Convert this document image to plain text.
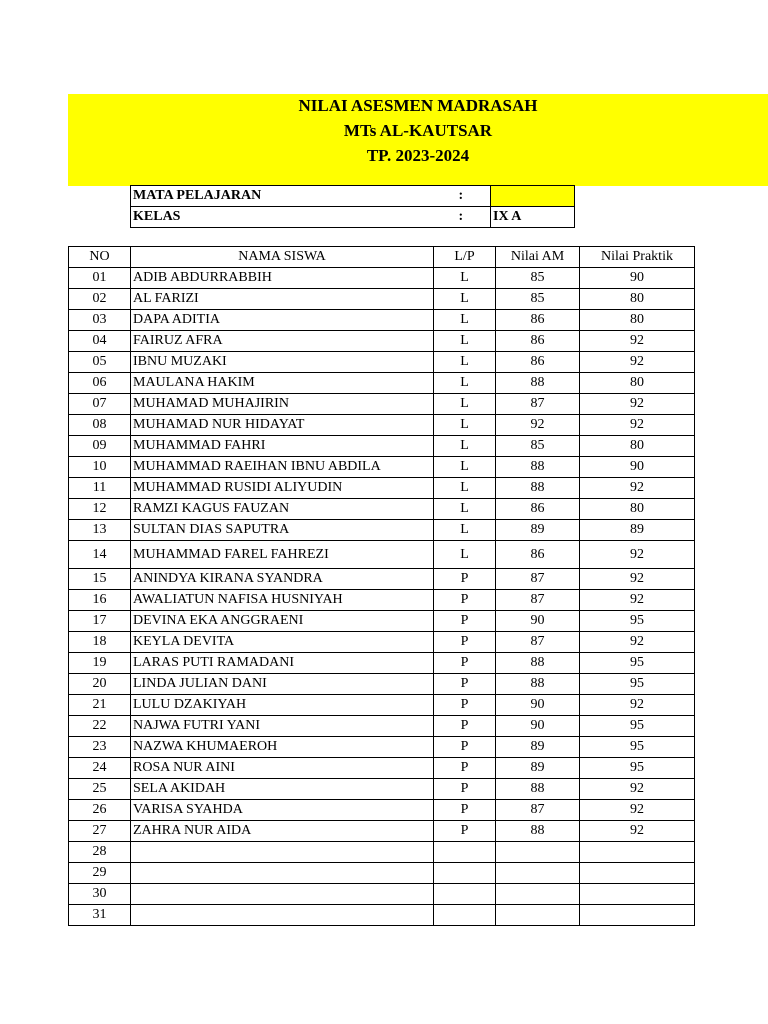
NILAI ASESMEN MADRASAH
MTs AL-KAUTSAR
TP. 2023-2024
MATA PELAJARAN	:	
KELAS	:	IX A
NO	NAMA SISWA	L/P	Nilai AM	Nilai Praktik
01	ADIB ABDURRABBIH	L	85	90
02	AL FARIZI	L	85	80
03	DAPA ADITIA	L	86	80
04	FAIRUZ AFRA	L	86	92
05	IBNU MUZAKI	L	86	92
06	MAULANA HAKIM	L	88	80
07	MUHAMAD MUHAJIRIN	L	87	92
08	MUHAMAD NUR HIDAYAT	L	92	92
09	MUHAMMAD FAHRI	L	85	80
10	MUHAMMAD RAEIHAN IBNU ABDILA	L	88	90
11	MUHAMMAD RUSIDI ALIYUDIN	L	88	92
12	RAMZI KAGUS FAUZAN	L	86	80
13	SULTAN DIAS SAPUTRA	L	89	89
14	MUHAMMAD FAREL FAHREZI	L	86	92
15	ANINDYA KIRANA SYANDRA	P	87	92
16	AWALIATUN NAFISA HUSNIYAH	P	87	92
17	DEVINA EKA ANGGRAENI	P	90	95
18	KEYLA DEVITA	P	87	92
19	LARAS PUTI RAMADANI	P	88	95
20	LINDA JULIAN DANI	P	88	95
21	LULU DZAKIYAH	P	90	92
22	NAJWA FUTRI YANI	P	90	95
23	NAZWA KHUMAEROH	P	89	95
24	ROSA NUR AINI	P	89	95
25	SELA AKIDAH	P	88	92
26	VARISA SYAHDA	P	87	92
27	ZAHRA NUR AIDA	P	88	92
28				
29				
30				
31				
